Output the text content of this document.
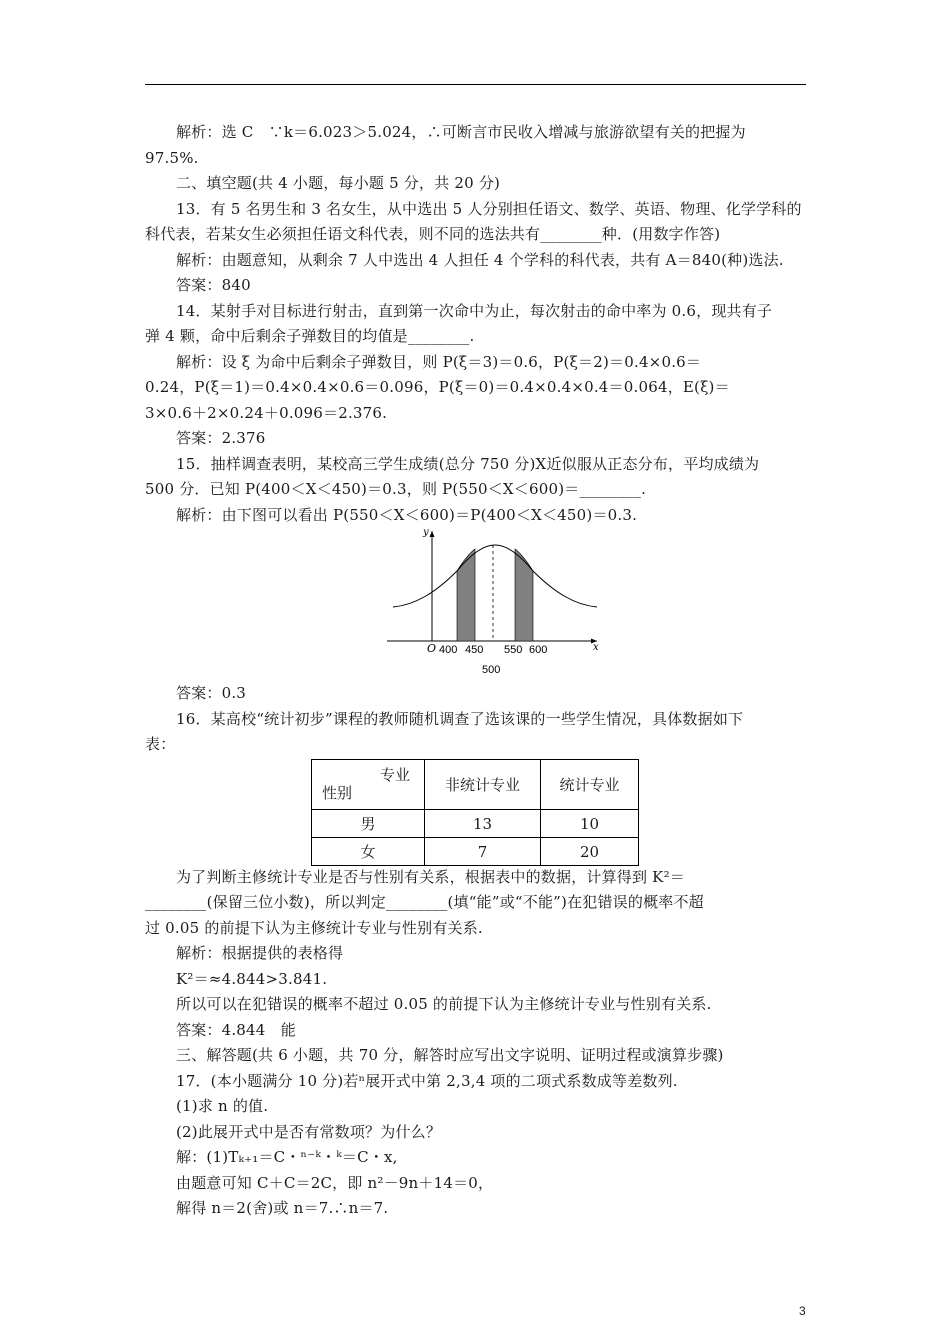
解析：选 C　∵k＝6.023＞5.024，∴可断言市民收入增减与旅游欲望有关的把握为
97.5%.
二、填空题(共 4 小题，每小题 5 分，共 20 分)
13．有 5 名男生和 3 名女生，从中选出 5 人分别担任语文、数学、英语、物理、化学学科的
科代表，若某女生必须担任语文科代表，则不同的选法共有________种．(用数字作答)
解析：由题意知，从剩余 7 人中选出 4 人担任 4 个学科的科代表，共有 A＝840(种)选法.
答案：840
14．某射手对目标进行射击，直到第一次命中为止，每次射击的命中率为 0.6，现共有子
弹 4 颗，命中后剩余子弹数目的均值是________.
解析：设 ξ 为命中后剩余子弹数目，则 P(ξ＝3)＝0.6，P(ξ＝2)＝0.4×0.6＝
0.24，P(ξ＝1)＝0.4×0.4×0.6＝0.096，P(ξ＝0)＝0.4×0.4×0.4＝0.064，E(ξ)＝
3×0.6＋2×0.24＋0.096＝2.376.
答案：2.376
15．抽样调查表明，某校高三学生成绩(总分 750 分)X近似服从正态分布，平均成绩为
500 分．已知 P(400＜X＜450)＝0.3，则 P(550＜X＜600)＝________.
解析：由下图可以看出 P(550＜X＜600)＝P(400＜X＜450)＝0.3.
y
x
O 400 450 550 600
500
答案：0.3
16．某高校“统计初步”课程的教师随机调查了选该课的一些学生情况，具体数据如下
表：
专业
性别	非统计专业	统计专业
男	13	10
女	7	20
为了判断主修统计专业是否与性别有关系，根据表中的数据，计算得到 K²＝
________(保留三位小数)，所以判定________(填“能”或“不能”)在犯错误的概率不超
过 0.05 的前提下认为主修统计专业与性别有关系.
解析：根据提供的表格得
K²＝≈4.844>3.841.
所以可以在犯错误的概率不超过 0.05 的前提下认为主修统计专业与性别有关系.
答案：4.844　能
三、解答题(共 6 小题，共 70 分，解答时应写出文字说明、证明过程或演算步骤)
17．(本小题满分 10 分)若ⁿ展开式中第 2,3,4 项的二项式系数成等差数列.
(1)求 n 的值.
(2)此展开式中是否有常数项？为什么？
解：(1)Tₖ₊₁＝C・ⁿ⁻ᵏ・ᵏ＝C・x,
由题意可知 C＋C＝2C，即 n²－9n＋14＝0，
解得 n＝2(舍)或 n＝7.∴n＝7.
3
